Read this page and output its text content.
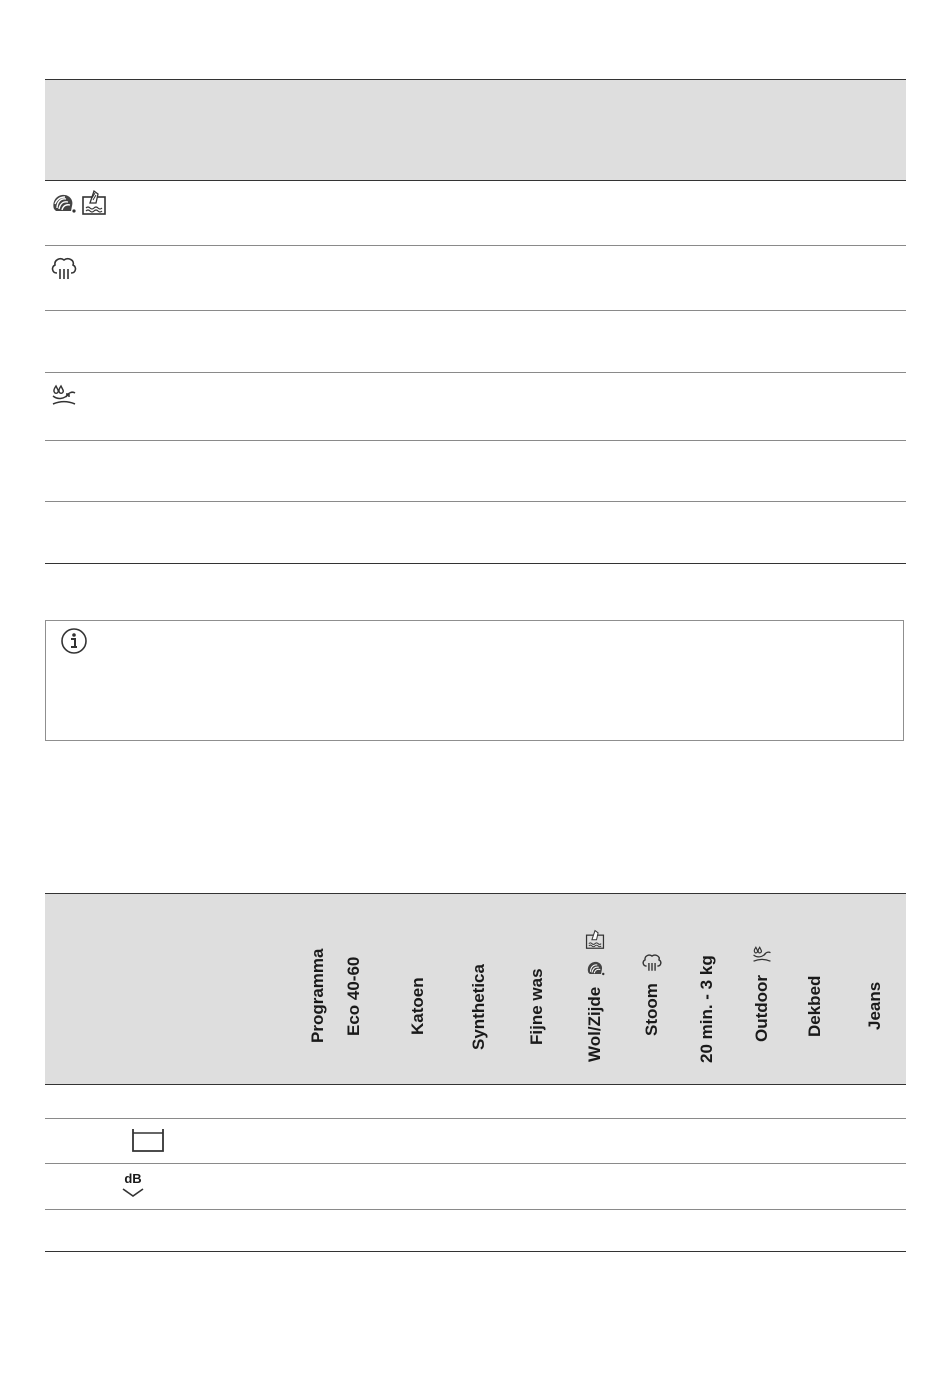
Programma Eco 40-60	Katoen Synthetica Fijne was Wol/Zijde Stoom 20 min. - 3 kg Outdoor Dekbed Jeans
dB
